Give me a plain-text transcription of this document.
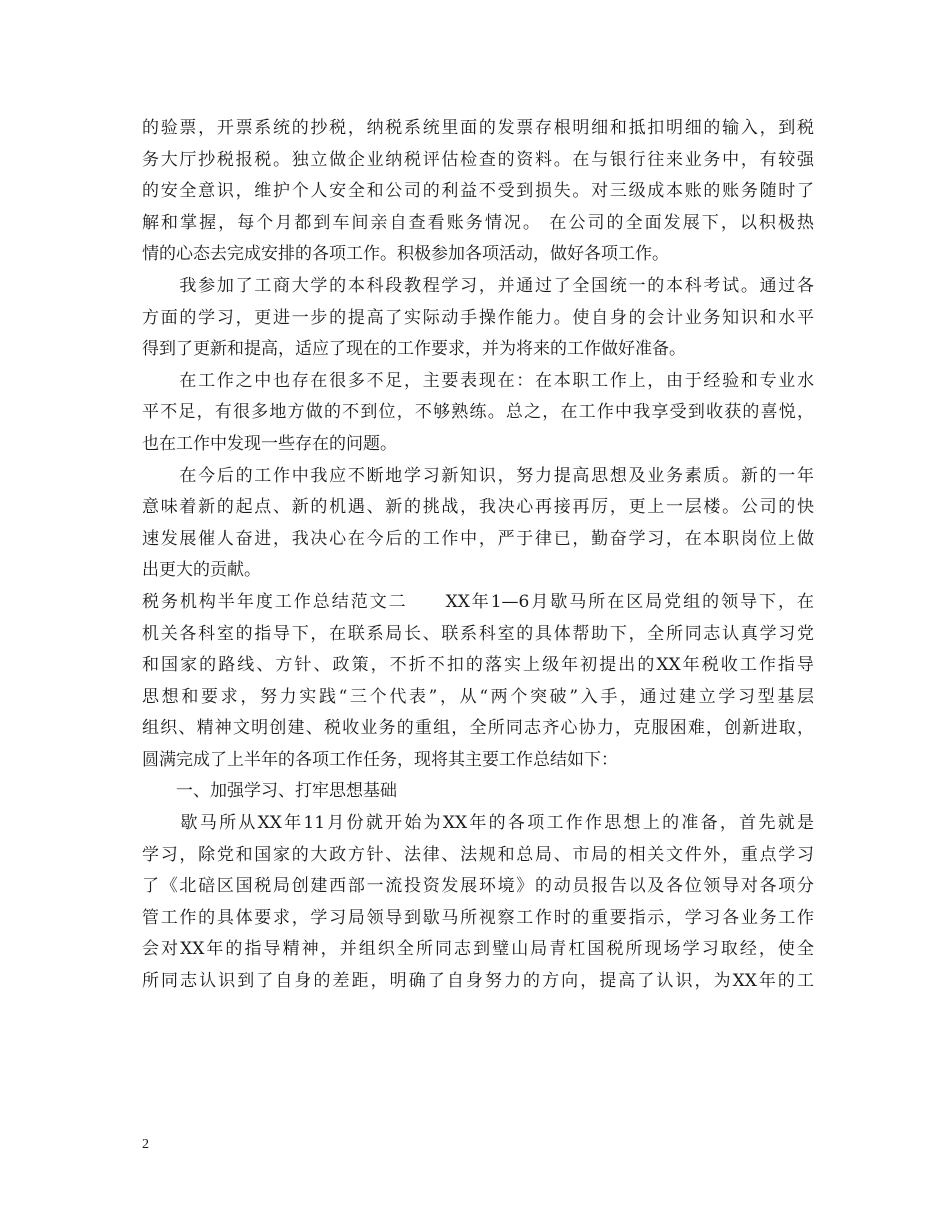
的验票，开票系统的抄税，纳税系统里面的发票存根明细和抵扣明细的输入，到税
务大厅抄税报税。独立做企业纳税评估检查的资料。在与银行往来业务中，有较强
的安全意识，维护个人安全和公司的利益不受到损失。对三级成本账的账务随时了
解和掌握，每个月都到车间亲自查看账务情况。 在公司的全面发展下，以积极热
情的心态去完成安排的各项工作。积极参加各项活动，做好各项工作。
　　我参加了工商大学的本科段教程学习，并通过了全国统一的本科考试。通过各
方面的学习，更进一步的提高了实际动手操作能力。使自身的会计业务知识和水平
得到了更新和提高，适应了现在的工作要求，并为将来的工作做好准备。
　　在工作之中也存在很多不足，主要表现在：在本职工作上，由于经验和专业水
平不足，有很多地方做的不到位，不够熟练。总之，在工作中我享受到收获的喜悦，
也在工作中发现一些存在的问题。
　　在今后的工作中我应不断地学习新知识，努力提高思想及业务素质。新的一年
意味着新的起点、新的机遇、新的挑战，我决心再接再厉，更上一层楼。公司的快
速发展催人奋进，我决心在今后的工作中，严于律已，勤奋学习，在本职岗位上做
出更大的贡献。
税务机构半年度工作总结范文二　　XX年1—6月歇马所在区局党组的领导下，在
机关各科室的指导下，在联系局长、联系科室的具体帮助下，全所同志认真学习党
和国家的路线、方针、政策，不折不扣的落实上级年初提出的XX年税收工作指导
思想和要求，努力实践“三个代表”，从“两个突破”入手，通过建立学习型基层
组织、精神文明创建、税收业务的重组，全所同志齐心协力，克服困难，创新进取，
圆满完成了上半年的各项工作任务，现将其主要工作总结如下：
　　一、加强学习、打牢思想基础
　　歇马所从XX年11月份就开始为XX年的各项工作作思想上的准备，首先就是
学习，除党和国家的大政方针、法律、法规和总局、市局的相关文件外，重点学习
了《北碚区国税局创建西部一流投资发展环境》的动员报告以及各位领导对各项分
管工作的具体要求，学习局领导到歇马所视察工作时的重要指示，学习各业务工作
会对XX年的指导精神，并组织全所同志到璧山局青杠国税所现场学习取经，使全
所同志认识到了自身的差距，明确了自身努力的方向，提高了认识，为XX年的工
2
